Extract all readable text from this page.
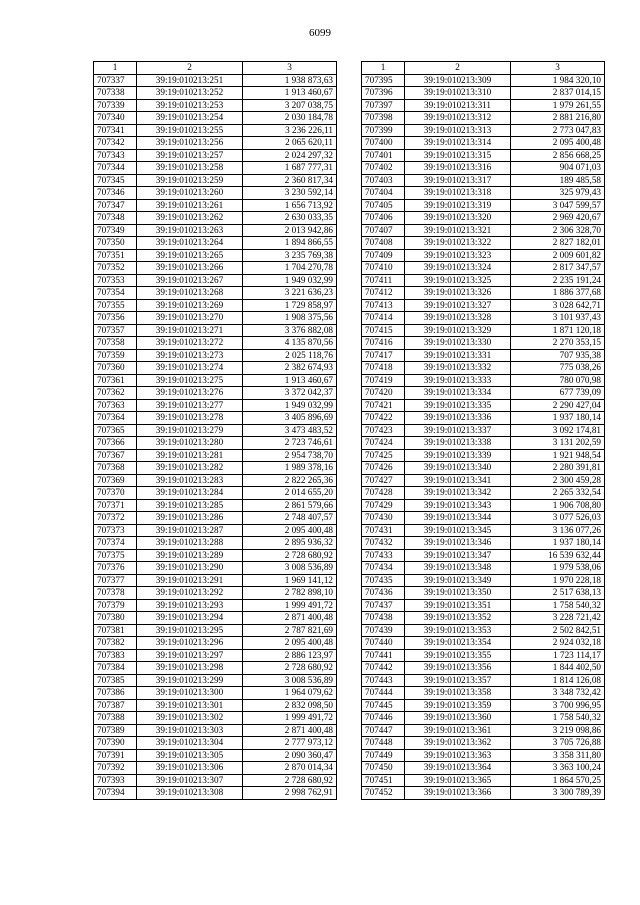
6099
1	2	3
707337	39:19:010213:251	1 938 873,63
707338	39:19:010213:252	1 913 460,67
707339	39:19:010213:253	3 207 038,75
707340	39:19:010213:254	2 030 184,78
707341	39:19:010213:255	3 236 226,11
707342	39:19:010213:256	2 065 620,11
707343	39:19:010213:257	2 024 297,32
707344	39:19:010213:258	1 687 777,31
707345	39:19:010213:259	2 360 817,34
707346	39:19:010213:260	3 230 592,14
707347	39:19:010213:261	1 656 713,92
707348	39:19:010213:262	2 630 033,35
707349	39:19:010213:263	2 013 942,86
707350	39:19:010213:264	1 894 866,55
707351	39:19:010213:265	3 235 769,38
707352	39:19:010213:266	1 704 270,78
707353	39:19:010213:267	1 949 032,99
707354	39:19:010213:268	3 221 636,23
707355	39:19:010213:269	1 729 858,97
707356	39:19:010213:270	1 908 375,56
707357	39:19:010213:271	3 376 882,08
707358	39:19:010213:272	4 135 870,56
707359	39:19:010213:273	2 025 118,76
707360	39:19:010213:274	2 382 674,93
707361	39:19:010213:275	1 913 460,67
707362	39:19:010213:276	3 372 042,37
707363	39:19:010213:277	1 949 032,99
707364	39:19:010213:278	3 405 896,69
707365	39:19:010213:279	3 473 483,52
707366	39:19:010213:280	2 723 746,61
707367	39:19:010213:281	2 954 738,70
707368	39:19:010213:282	1 989 378,16
707369	39:19:010213:283	2 822 265,36
707370	39:19:010213:284	2 014 655,20
707371	39:19:010213:285	2 861 579,66
707372	39:19:010213:286	2 748 407,57
707373	39:19:010213:287	2 095 400,48
707374	39:19:010213:288	2 895 936,32
707375	39:19:010213:289	2 728 680,92
707376	39:19:010213:290	3 008 536,89
707377	39:19:010213:291	1 969 141,12
707378	39:19:010213:292	2 782 898,10
707379	39:19:010213:293	1 999 491,72
707380	39:19:010213:294	2 871 400,48
707381	39:19:010213:295	2 787 821,69
707382	39:19:010213:296	2 095 400,48
707383	39:19:010213:297	2 886 123,97
707384	39:19:010213:298	2 728 680,92
707385	39:19:010213:299	3 008 536,89
707386	39:19:010213:300	1 964 079,62
707387	39:19:010213:301	2 832 098,50
707388	39:19:010213:302	1 999 491,72
707389	39:19:010213:303	2 871 400,48
707390	39:19:010213:304	2 777 973,12
707391	39:19:010213:305	2 090 360,47
707392	39:19:010213:306	2 870 014,34
707393	39:19:010213:307	2 728 680,92
707394	39:19:010213:308	2 998 762,91
1	2	3
707395	39:19:010213:309	1 984 320,10
707396	39:19:010213:310	2 837 014,15
707397	39:19:010213:311	1 979 261,55
707398	39:19:010213:312	2 881 216,80
707399	39:19:010213:313	2 773 047,83
707400	39:19:010213:314	2 095 400,48
707401	39:19:010213:315	2 856 668,25
707402	39:19:010213:316	904 071,03
707403	39:19:010213:317	189 485,58
707404	39:19:010213:318	325 979,43
707405	39:19:010213:319	3 047 599,57
707406	39:19:010213:320	2 969 420,67
707407	39:19:010213:321	2 306 328,70
707408	39:19:010213:322	2 827 182,01
707409	39:19:010213:323	2 009 601,82
707410	39:19:010213:324	2 817 347,57
707411	39:19:010213:325	2 235 191,24
707412	39:19:010213:326	1 886 377,68
707413	39:19:010213:327	3 028 642,71
707414	39:19:010213:328	3 101 937,43
707415	39:19:010213:329	1 871 120,18
707416	39:19:010213:330	2 270 353,15
707417	39:19:010213:331	707 935,38
707418	39:19:010213:332	775 038,26
707419	39:19:010213:333	780 070,98
707420	39:19:010213:334	677 739,09
707421	39:19:010213:335	2 290 427,04
707422	39:19:010213:336	1 937 180,14
707423	39:19:010213:337	3 092 174,81
707424	39:19:010213:338	3 131 202,59
707425	39:19:010213:339	1 921 948,54
707426	39:19:010213:340	2 280 391,81
707427	39:19:010213:341	2 300 459,28
707428	39:19:010213:342	2 265 332,54
707429	39:19:010213:343	1 906 708,80
707430	39:19:010213:344	3 077 526,03
707431	39:19:010213:345	3 136 077,26
707432	39:19:010213:346	1 937 180,14
707433	39:19:010213:347	16 539 632,44
707434	39:19:010213:348	1 979 538,06
707435	39:19:010213:349	1 970 228,18
707436	39:19:010213:350	2 517 638,13
707437	39:19:010213:351	1 758 540,32
707438	39:19:010213:352	3 228 721,42
707439	39:19:010213:353	2 502 842,51
707440	39:19:010213:354	2 924 032,18
707441	39:19:010213:355	1 723 114,17
707442	39:19:010213:356	1 844 402,50
707443	39:19:010213:357	1 814 126,08
707444	39:19:010213:358	3 348 732,42
707445	39:19:010213:359	3 700 996,95
707446	39:19:010213:360	1 758 540,32
707447	39:19:010213:361	3 219 098,86
707448	39:19:010213:362	3 705 726,88
707449	39:19:010213:363	3 358 311,80
707450	39:19:010213:364	3 363 100,24
707451	39:19:010213:365	1 864 570,25
707452	39:19:010213:366	3 300 789,39
